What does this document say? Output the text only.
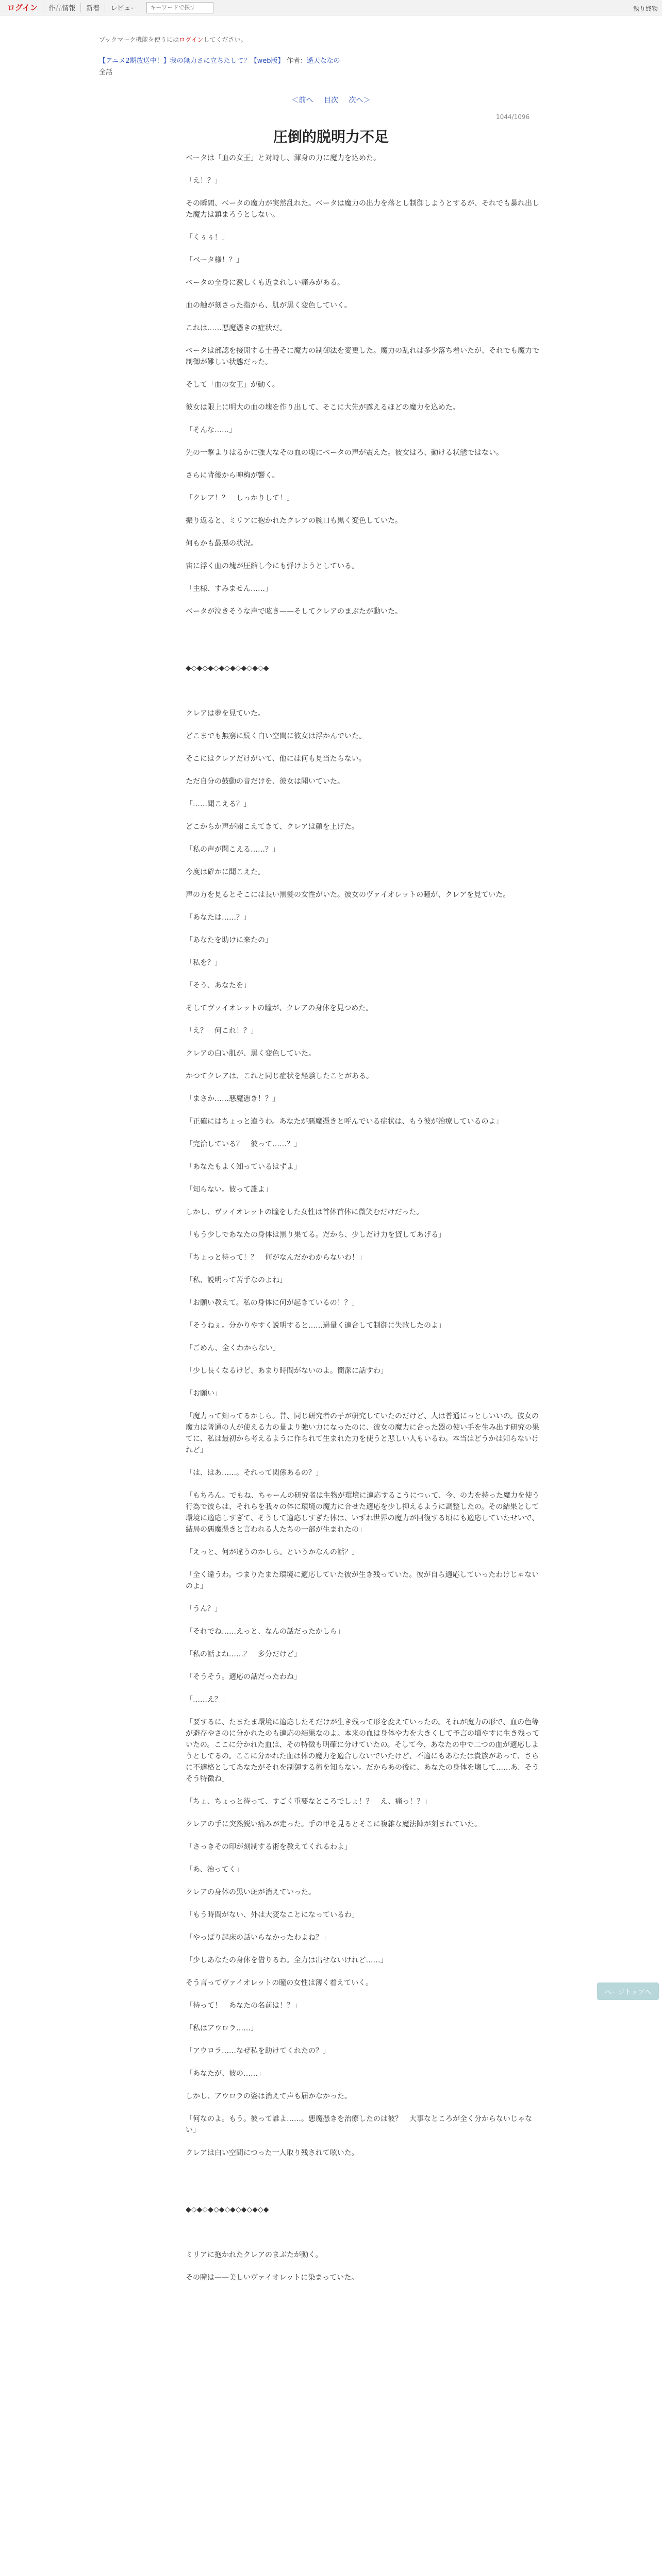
ログイン	作品情報	新着	レビュー
キーワードで探す	執り終物
ブックマーク機能を使うにはログインしてください。
【アニメ2期放送中！】我の無力さに立ちたして？【web版】 作者：遥天ななの
全話
＜前へ 目次 次へ＞
1044/1096
圧倒的脱明力不足

ベータは「血の女王」と対峙し、渾身の力に魔力を込めた。

「え！？」

その瞬間、ベータの魔力が実然乱れた。ベータは魔力の出力を落とし制御しようとするが、それでも暴れ出した魔力は鎮まろうとしない。

「くぅぅ！」

「ベータ様！？」

ベータの全身に激しくも近まれしい痛みがある。

血の触が刻さった指から、肌が黒く変色していく。

これは……悪魔憑きの症状だ。

ベータは部認を接開する士書そに魔力の制御法を変更した。魔力の乱れは多少落ち着いたが、それでも魔力で制御が難しい状態だった。

そして「血の女王」が動く。

彼女は限上に明大の血の塊を作り出して、そこに大先が露えるほどの魔力を込めた。

「そんな……」

先の一撃よりはるかに強大なその血の塊にベータの声が震えた。彼女はろ、動ける状態ではない。

さらに背後から呻梅が響く。

「クレア！？　しっかりして！」

振り返ると、ミリアに抱かれたクレアの腕口も黒く変色していた。

何もかも最悪の状況。

宙に浮く血の塊が圧縮し今にも弾けようとしている。

「主様、すみません……」

ベータが泣きそうな声で呟き——そしてクレアのまぶたが動いた。

◆◇◆◇◆◇◆◇◆◇◆◇◆◇◆

クレアは夢を見ていた。

どこまでも無窮に続く白い空間に彼女は浮かんでいた。

そこにはクレアだけがいて、他には何も見当たらない。

ただ自分の鼓動の音だけを、彼女は聞いていた。

「……聞こえる？」

どこからか声が聞こえてきて、クレアは顔を上げた。

「私の声が聞こえる……？」

今度は確かに聞こえた。

声の方を見るとそこには長い黒髪の女性がいた。彼女のヴァイオレットの瞳が、クレアを見ていた。

「あなたは……？」

「あなたを助けに来たの」

「私を？」

「そう、あなたを」

そしてヴァイオレットの瞳が、クレアの身体を見つめた。

「え？　何これ！？」

クレアの白い肌が、黒く変色していた。

かつてクレアは、これと同じ症状を経験したことがある。

「まさか……悪魔憑き！？」

「正確にはちょっと違うわ。あなたが悪魔憑きと呼んでいる症状は、もう彼が治療しているのよ」

「完治している？　彼って……？」

「あなたもよく知っているはずよ」

「知らない。彼って誰よ」

しかし、ヴァイオレットの瞳をした女性は首体首体に微笑むだけだった。

「もう少しであなたの身体は黒り果てる。だから、少しだけ力を貸してあげる」

「ちょっと待って！？　何がなんだかわからないわ！」

「私、説明って苦手なのよね」

「お願い教えて。私の身体に何が起きているの！？」

「そうねぇ。分かりやすく説明すると……過量く適合して制御に失敗したのよ」

「ごめん、全くわからない」

「少し長くなるけど、あまり時間がないのよ。簡潔に話すわ」

「お願い」

「魔力って知ってるかしら。昔、同じ研究者の子が研究していたのだけど、人は普通にっとしいいの。彼女の魔力は普通の人が使える力の量より強い力になったのに、彼女の魔力に合った器の使い手を生み出す研究の果てに、私は最初から考えるように作られて生まれた力を使うと悲しい人もいるわ。本当はどうかは知らないけれど」

「は、はあ……。それって関係あるの？」

「もちろん。でもね、ちゃーんの研究者は生物が環境に適応するこうにつぃて、今、の力を持った魔力を使う行為で彼らは、それらを我々の体に環境の魔力に合せた適応を少し抑えるように調整したの。その結果として環境に適応しすぎて、そうして適応しすぎた体は、いずれ世界の魔力が回復する頃にも適応していたせいで、結局の悪魔憑きと言われる人たちの一部が生まれたの」

「えっと、何が違うのかしら。というかなんの話？」

「全く違うわ。つまりたまた環境に適応していた彼が生き残っていた。彼が自ら適応していったわけじゃないのよ」

「うん？」

「それでね……えっと、なんの話だったかしら」

「私の話よね……？　多分だけど」

「そうそう。適応の話だったわね」

「……え？」

「要するに、たまたま環境に適応したそだけが生き残って形を変えていったの。それが魔力の形で、血の色等が避存やさのに分かれたのも適応の結果なのよ。本来の血は身体や力を大きくして予言の増やすに生き残っていたの。ここに分かれた血は、その特徴も明確に分けていたの。そして今、あなたの中で二つの血が適応しようとしてるの。ここに分かれた血は体の魔力を適合しないでいたけど、不適にもあなたは貴族があって、さらに不適格としてあなたがそれを制御する術を知らない。だからあの後に、あなたの身体を壊して……あ、そうそう特徴ね」

「ちょ、ちょっと待って、すごく重要なところでしょ！？　え、痛っ！？」

クレアの手に突然鋭い痛みが走った。手の甲を見るとそこに複雑な魔法陣が刻まれていた。

「さっきその印が刻制する術を教えてくれるわよ」

「あ、治ってく」

クレアの身体の黒い斑が消えていった。

「もう時間がない、外は大変なことになっているわ」

「やっぱり起床の話いらなかったわよね？」

「少しあなたの身体を借りるわ。全力は出せないけれど……」

そう言ってヴァイオレットの瞳の女性は薄く着えていく。

「待って！　あなたの名前は！？」

「私はアウロラ……」

「アウロラ……なぜ私を助けてくれたの？」

「あなたが、彼の……」

しかし、アウロラの姿は消えて声も届かなかった。

「何なのよ。もう。彼って誰よ……。悪魔憑きを治療したのは彼？　大事なところが全く分からないじゃない」

クレアは白い空間につった一人取り残されて呟いた。

◆◇◆◇◆◇◆◇◆◇◆◇◆◇◆

ミリアに抱かれたクレアのまぶたが動く。

その瞳は——美しいヴァイオレットに染まっていた。

ページトップへ
